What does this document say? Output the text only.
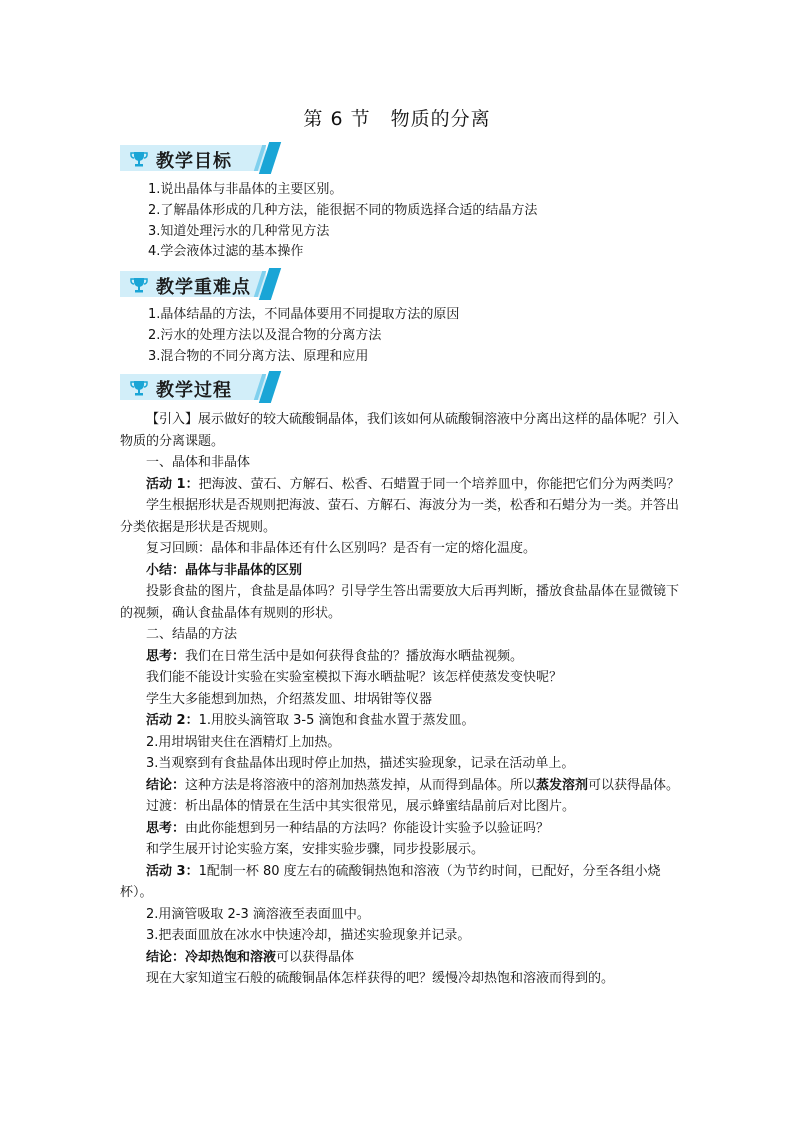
第 6 节　物质的分离
教学目标
1.说出晶体与非晶体的主要区别。
2.了解晶体形成的几种方法，能很据不同的物质选择合适的结晶方法
3.知道处理污水的几种常见方法
4.学会液体过滤的基本操作
教学重难点
1.晶体结晶的方法，不同晶体要用不同提取方法的原因
2.污水的处理方法以及混合物的分离方法
3.混合物的不同分离方法、原理和应用
教学过程

【引入】展示做好的较大硫酸铜晶体，我们该如何从硫酸铜溶液中分离出这样的晶体呢？引入物质的分离课题。

一、晶体和非晶体

活动 1：把海波、萤石、方解石、松香、石蜡置于同一个培养皿中，你能把它们分为两类吗？

学生根据形状是否规则把海波、萤石、方解石、海波分为一类，松香和石蜡分为一类。并答出分类依据是形状是否规则。

复习回顾：晶体和非晶体还有什么区别吗？是否有一定的熔化温度。

小结：晶体与非晶体的区别

投影食盐的图片，食盐是晶体吗？引导学生答出需要放大后再判断，播放食盐晶体在显微镜下的视频，确认食盐晶体有规则的形状。

二、结晶的方法

思考：我们在日常生活中是如何获得食盐的？播放海水晒盐视频。

我们能不能设计实验在实验室模拟下海水晒盐呢？该怎样使蒸发变快呢？

学生大多能想到加热，介绍蒸发皿、坩埚钳等仪器

活动 2：1.用胶头滴管取 3-5 滴饱和食盐水置于蒸发皿。

2.用坩埚钳夹住在酒精灯上加热。

3.当观察到有食盐晶体出现时停止加热，描述实验现象，记录在活动单上。

结论：这种方法是将溶液中的溶剂加热蒸发掉，从而得到晶体。所以蒸发溶剂可以获得晶体。

过渡：析出晶体的情景在生活中其实很常见，展示蜂蜜结晶前后对比图片。

思考：由此你能想到另一种结晶的方法吗？你能设计实验予以验证吗？

和学生展开讨论实验方案，安排实验步骤，同步投影展示。

活动 3：1配制一杯 80 度左右的硫酸铜热饱和溶液（为节约时间，已配好，分至各组小烧杯）。

2.用滴管吸取 2-3 滴溶液至表面皿中。

3.把表面皿放在冰水中快速冷却，描述实验现象并记录。

结论：冷却热饱和溶液可以获得晶体

现在大家知道宝石般的硫酸铜晶体怎样获得的吧？缓慢冷却热饱和溶液而得到的。
